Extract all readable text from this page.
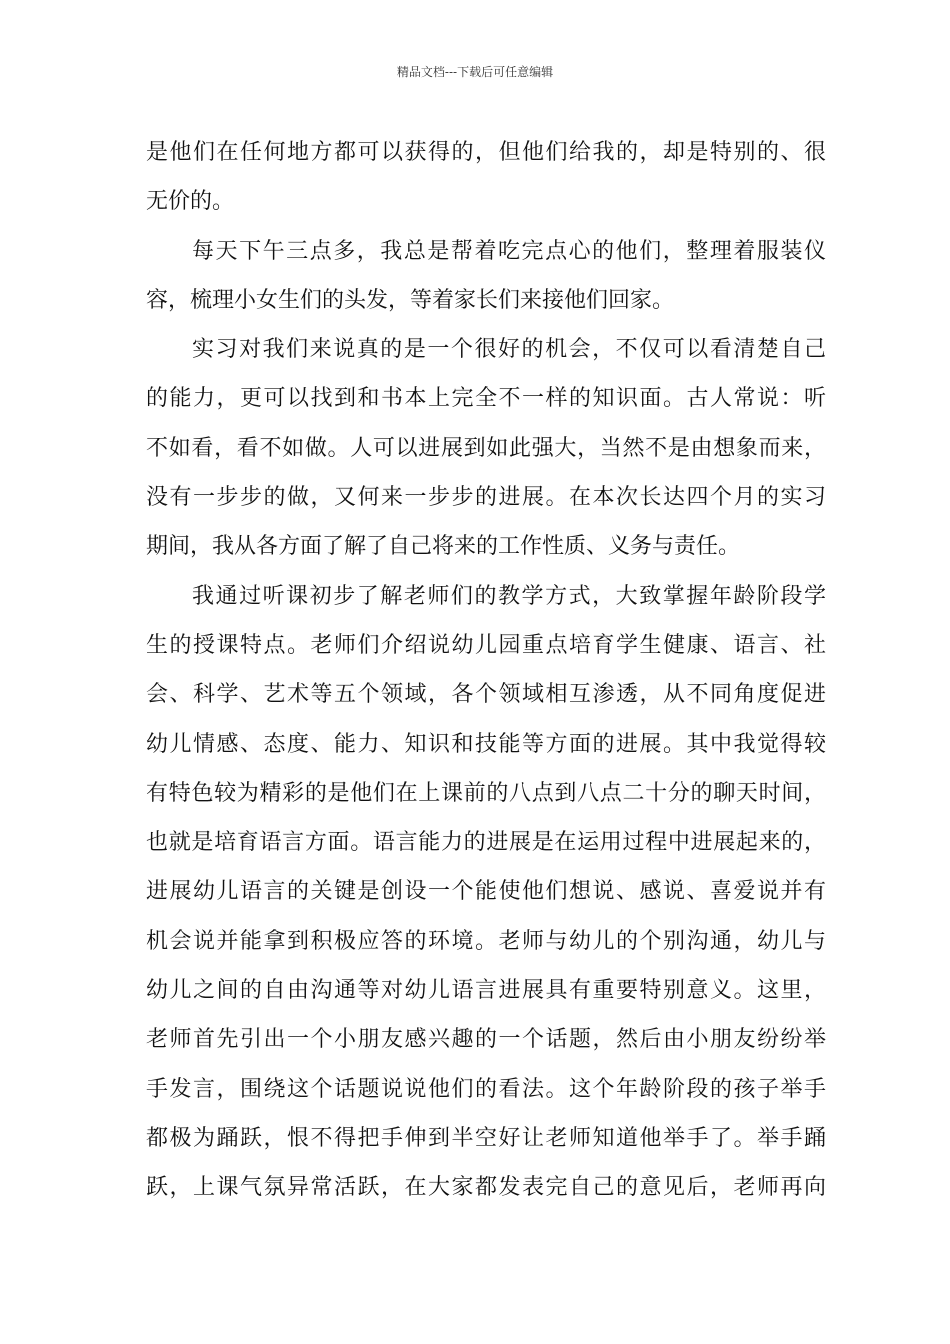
精品文档---下载后可任意编辑
是他们在任何地方都可以获得的，但他们给我的，却是特别的、很
无价的。
每天下午三点多，我总是帮着吃完点心的他们，整理着服装仪
容，梳理小女生们的头发，等着家长们来接他们回家。
实习对我们来说真的是一个很好的机会，不仅可以看清楚自己
的能力，更可以找到和书本上完全不一样的知识面。古人常说：听
不如看，看不如做。人可以进展到如此强大，当然不是由想象而来，
没有一步步的做，又何来一步步的进展。在本次长达四个月的实习
期间，我从各方面了解了自己将来的工作性质、义务与责任。
我通过听课初步了解老师们的教学方式，大致掌握年龄阶段学
生的授课特点。老师们介绍说幼儿园重点培育学生健康、语言、社
会、科学、艺术等五个领域，各个领域相互渗透，从不同角度促进
幼儿情感、态度、能力、知识和技能等方面的进展。其中我觉得较
有特色较为精彩的是他们在上课前的八点到八点二十分的聊天时间，
也就是培育语言方面。语言能力的进展是在运用过程中进展起来的，
进展幼儿语言的关键是创设一个能使他们想说、感说、喜爱说并有
机会说并能拿到积极应答的环境。老师与幼儿的个别沟通，幼儿与
幼儿之间的自由沟通等对幼儿语言进展具有重要特别意义。这里，
老师首先引出一个小朋友感兴趣的一个话题，然后由小朋友纷纷举
手发言，围绕这个话题说说他们的看法。这个年龄阶段的孩子举手
都极为踊跃，恨不得把手伸到半空好让老师知道他举手了。举手踊
跃，上课气氛异常活跃，在大家都发表完自己的意见后，老师再向
